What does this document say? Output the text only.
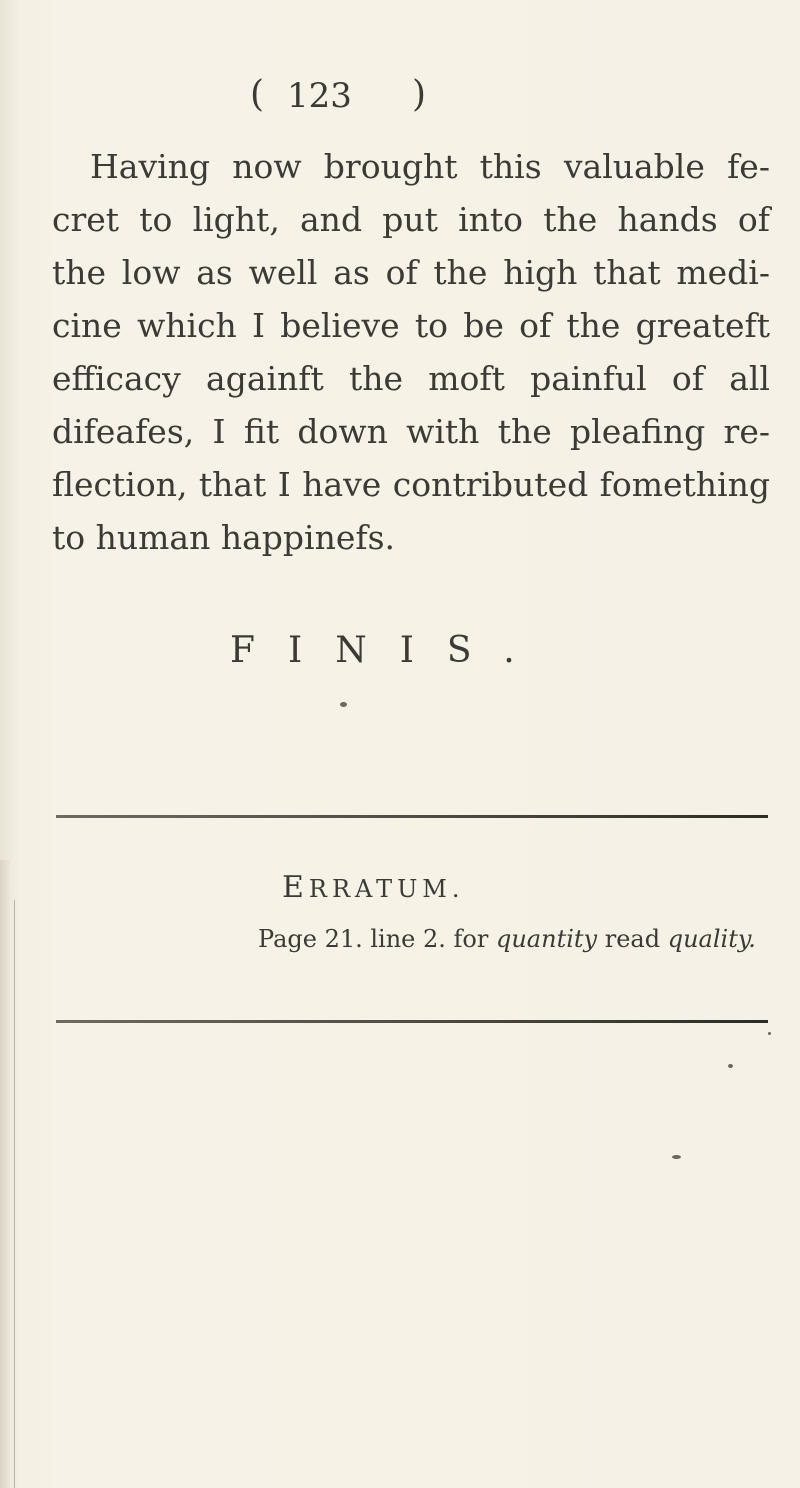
( 123 )
Having now brought this valuable fe-
cret to light, and put into the hands of
the low as well as of the high that medi-
cine which I believe to be of the greateft
efficacy againft the moft painful of all
difeafes, I fit down with the pleafing re-
flection, that I have contributed fomething
to human happinefs.
FINIS.
ERRATUM.
Page 21. line 2. for quantity read quality.
